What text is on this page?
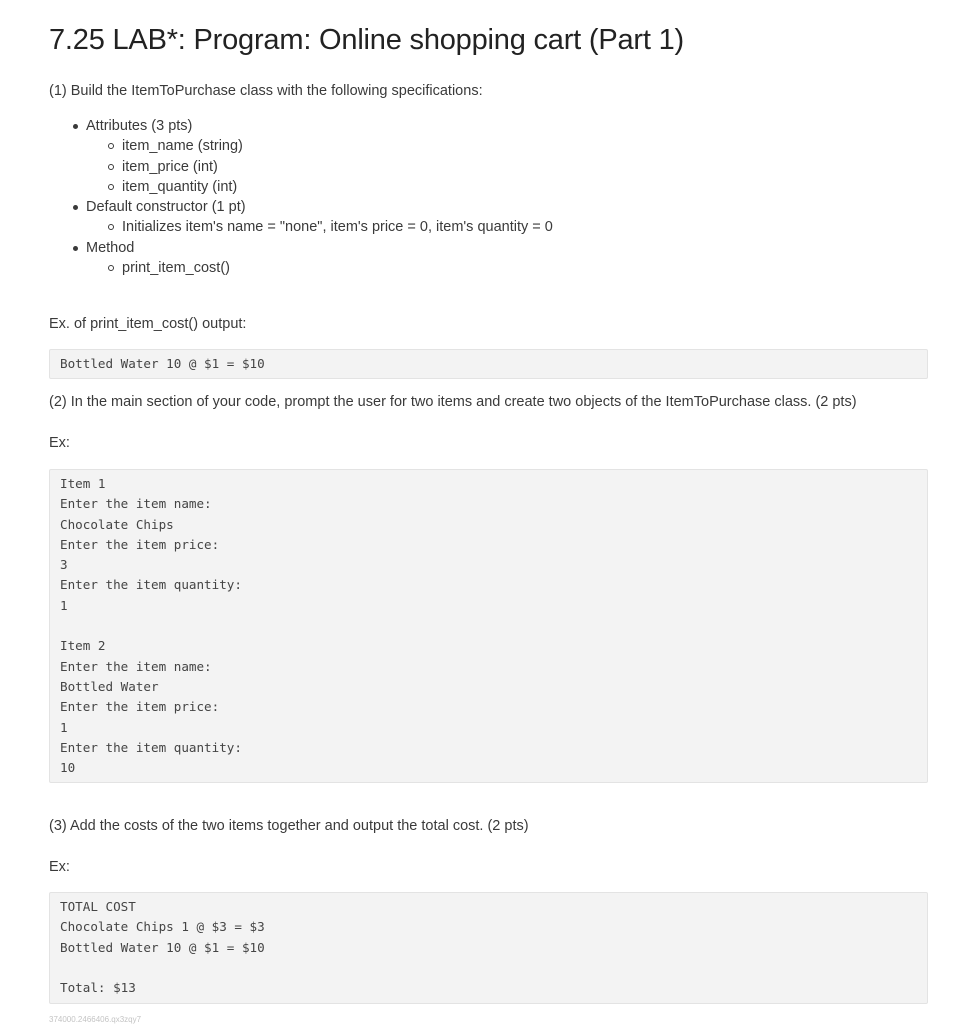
7.25 LAB*: Program: Online shopping cart (Part 1)

(1) Build the ItemToPurchase class with the following specifications:

Attributes (3 pts)
item_name (string)
item_price (int)
item_quantity (int)
Default constructor (1 pt)
Initializes item's name = "none", item's price = 0, item's quantity = 0
Method
print_item_cost()

Ex. of print_item_cost() output:

Bottled Water 10 @ $1 = $10

(2) In the main section of your code, prompt the user for two items and create two objects of the ItemToPurchase class. (2 pts)

Ex:

Item 1
Enter the item name:
Chocolate Chips
Enter the item price:
3
Enter the item quantity:
1
Item 2
Enter the item name:
Bottled Water
Enter the item price:
1
Enter the item quantity:
10

(3) Add the costs of the two items together and output the total cost. (2 pts)

Ex:

TOTAL COST
Chocolate Chips 1 @ $3 = $3
Bottled Water 10 @ $1 = $10
Total: $13
374000.2466406.qx3zqy7
